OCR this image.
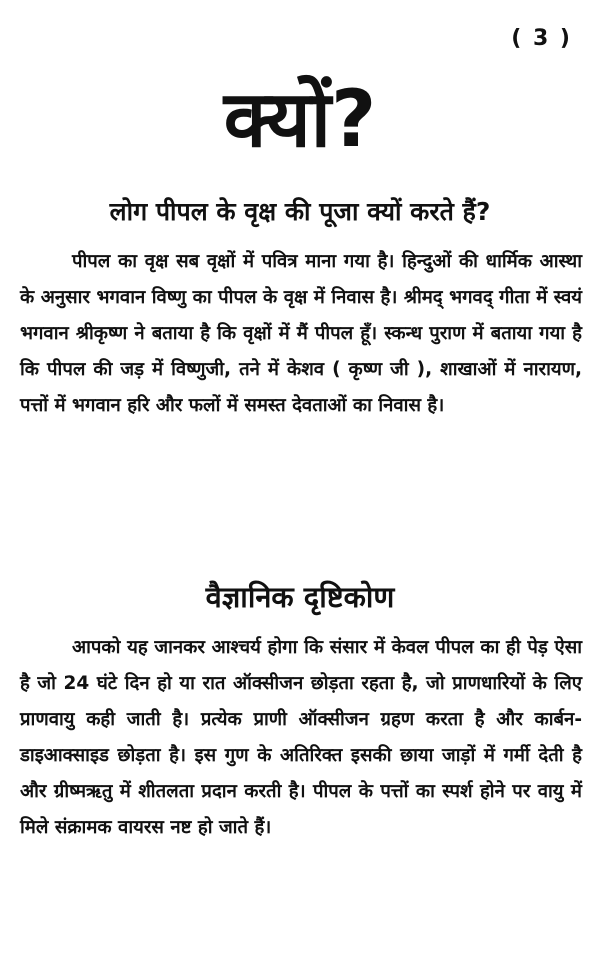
( 3 )
क्यों?
लोग पीपल के वृक्ष की पूजा क्यों करते हैं?

पीपल का वृक्ष सब वृक्षों में पवित्र माना गया है। हिन्दुओं की धार्मिक आस्था के अनुसार भगवान विष्णु का पीपल के वृक्ष में निवास है। श्रीमद् भगवद् गीता में स्वयं भगवान श्रीकृष्ण ने बताया है कि वृक्षों में मैं पीपल हूँ। स्कन्ध पुराण में बताया गया है कि पीपल की जड़ में विष्णुजी, तने में केशव ( कृष्ण जी ), शाखाओं में नारायण, पत्तों में भगवान हरि और फलों में समस्त देवताओं का निवास है।

वैज्ञानिक दृष्टिकोण

आपको यह जानकर आश्चर्य होगा कि संसार में केवल पीपल का ही पेड़ ऐसा है जो 24 घंटे दिन हो या रात ऑक्सीजन छोड़ता रहता है, जो प्राणधारियों के लिए प्राणवायु कही जाती है। प्रत्येक प्राणी ऑक्सीजन ग्रहण करता है और कार्बन-डाइआक्साइड छोड़ता है। इस गुण के अतिरिक्त इसकी छाया जाड़ों में गर्मी देती है और ग्रीष्मऋतु में शीतलता प्रदान करती है। पीपल के पत्तों का स्पर्श होने पर वायु में मिले संक्रामक वायरस नष्ट हो जाते हैं।
